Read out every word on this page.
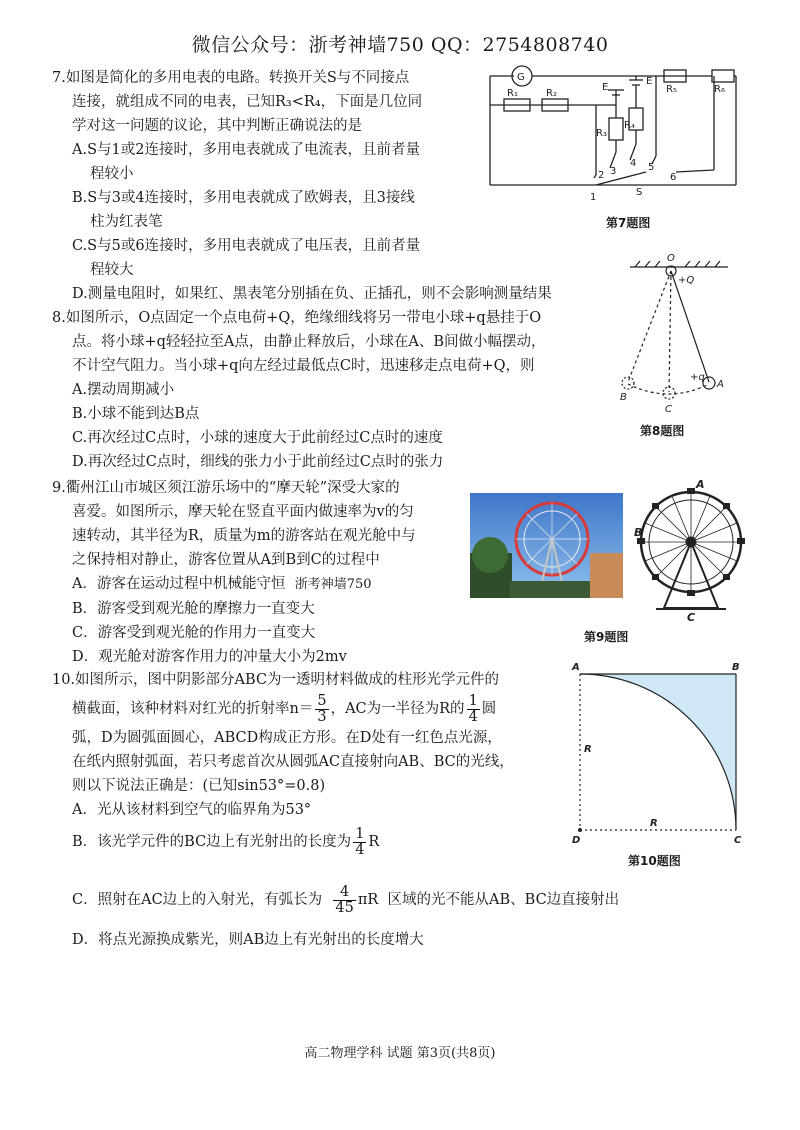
微信公众号：浙考神墙750 QQ：2754808740

7.如图是简化的多用电表的电路。转换开关S与不同接点

连接，就组成不同的电表，已知R₃<R₄，下面是几位同

学对这一问题的议论，其中判断正确说法的是

A.S与1或2连接时，多用电表就成了电流表，且前者量

程较小

B.S与3或4连接时，多用电表就成了欧姆表，且3接线

柱为红表笔

C.S与5或6连接时，多用电表就成了电压表，且前者量

程较大

D.测量电阻时，如果红、黑表笔分别插在负、正插孔，则不会影响测量结果
G
R₁	R₂	R₅	R₆
E
E
R₃
R₄
1
2 3
4 5
6
S
第7题图

8.如图所示，O点固定一个点电荷+Q，绝缘细线将另一带电小球+q悬挂于O

点。将小球+q轻轻拉至A点，由静止释放后，小球在A、B间做小幅摆动，

不计空气阻力。当小球+q向左经过最低点C时，迅速移走点电荷+Q，则

A.摆动周期减小

B.小球不能到达B点

C.再次经过C点时，小球的速度大于此前经过C点时的速度

D.再次经过C点时，细线的张力小于此前经过C点时的张力

O
+Q
+q
A
B
C
第8题图

9.衢州江山市城区须江游乐场中的“摩天轮”深受大家的

喜爱。如图所示，摩天轮在竖直平面内做速率为v的匀

速转动，其半径为R，质量为m的游客站在观光舱中与

之保持相对静止，游客位置从A到B到C的过程中

A．游客在运动过程中机械能守恒 浙考神墙750

B．游客受到观光舱的摩擦力一直变大

C．游客受到观光舱的作用力一直变大

D．观光舱对游客作用力的冲量大小为2mv

A
B
C
第9题图

10.如图所示，图中阴影部分ABC为一透明材料做成的柱形光学元件的

横截面，该种材料对红光的折射率$n= \frac{5}{3}$ ，AC为一半径为R的 $\frac{1}{4}$ 圆

弧，D为圆弧面圆心，ABCD构成正方形。在D处有一红色点光源，

在纸内照射弧面，若只考虑首次从圆弧AC直接射向AB、BC的光线，

则以下说法正确是：(已知sin53°=0.8)

A．光从该材料到空气的临界角为53°

B．该光学元件的BC边上有光射出的长度为 $\frac{1}{4}$ R

C．照射在AC边上的入射光，有弧长为 $\frac{4}{45}$ πR 区域的光不能从AB、BC边直接射出
D．将点光源换成紫光，则AB边上有光射出的长度增大
A	B
C
D
R
R
第10题图
高二物理学科 试题 第3页(共8页)
